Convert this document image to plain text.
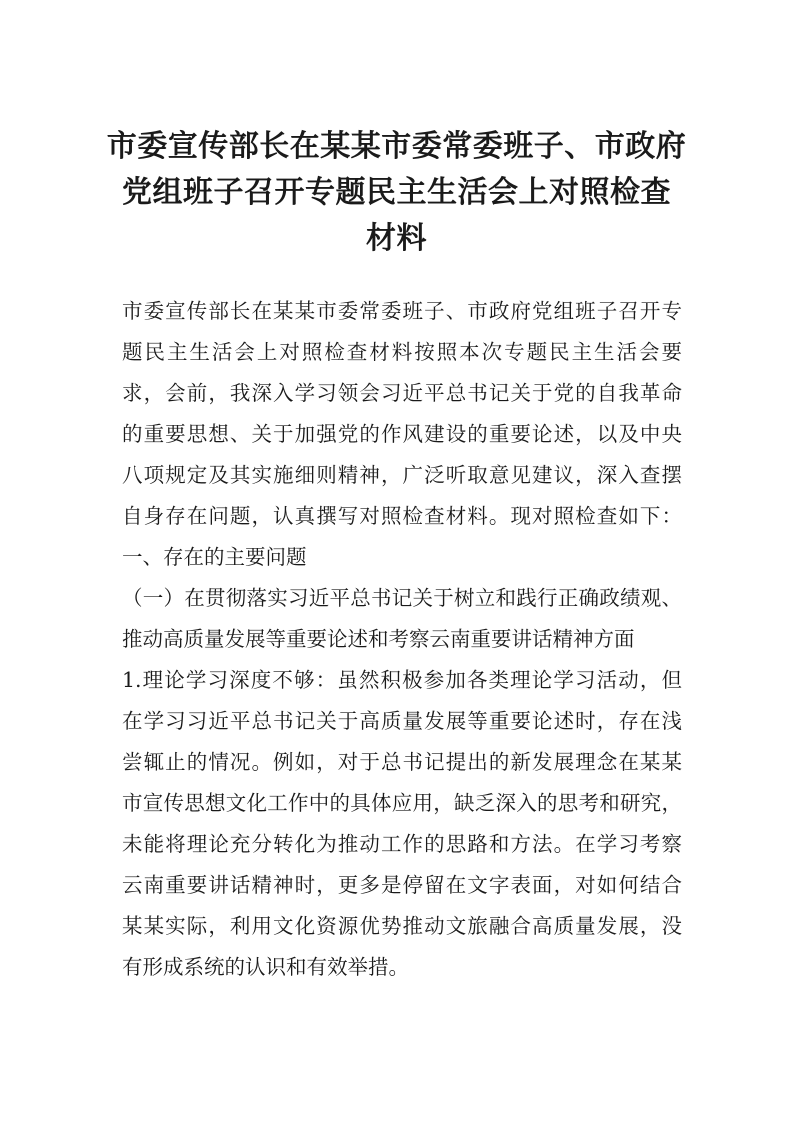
市委宣传部长在某某市委常委班子、市政府
党组班子召开专题民主生活会上对照检查
材料
市委宣传部长在某某市委常委班子、市政府党组班子召开专
题民主生活会上对照检查材料按照本次专题民主生活会要
求，会前，我深入学习领会习近平总书记关于党的自我革命
的重要思想、关于加强党的作风建设的重要论述，以及中央
八项规定及其实施细则精神，广泛听取意见建议，深入查摆
自身存在问题，认真撰写对照检查材料。现对照检查如下：
一、存在的主要问题
（一）在贯彻落实习近平总书记关于树立和践行正确政绩观、
推动高质量发展等重要论述和考察云南重要讲话精神方面
1.理论学习深度不够：虽然积极参加各类理论学习活动，但
在学习习近平总书记关于高质量发展等重要论述时，存在浅
尝辄止的情况。例如，对于总书记提出的新发展理念在某某
市宣传思想文化工作中的具体应用，缺乏深入的思考和研究，
未能将理论充分转化为推动工作的思路和方法。在学习考察
云南重要讲话精神时，更多是停留在文字表面，对如何结合
某某实际，利用文化资源优势推动文旅融合高质量发展，没
有形成系统的认识和有效举措。
